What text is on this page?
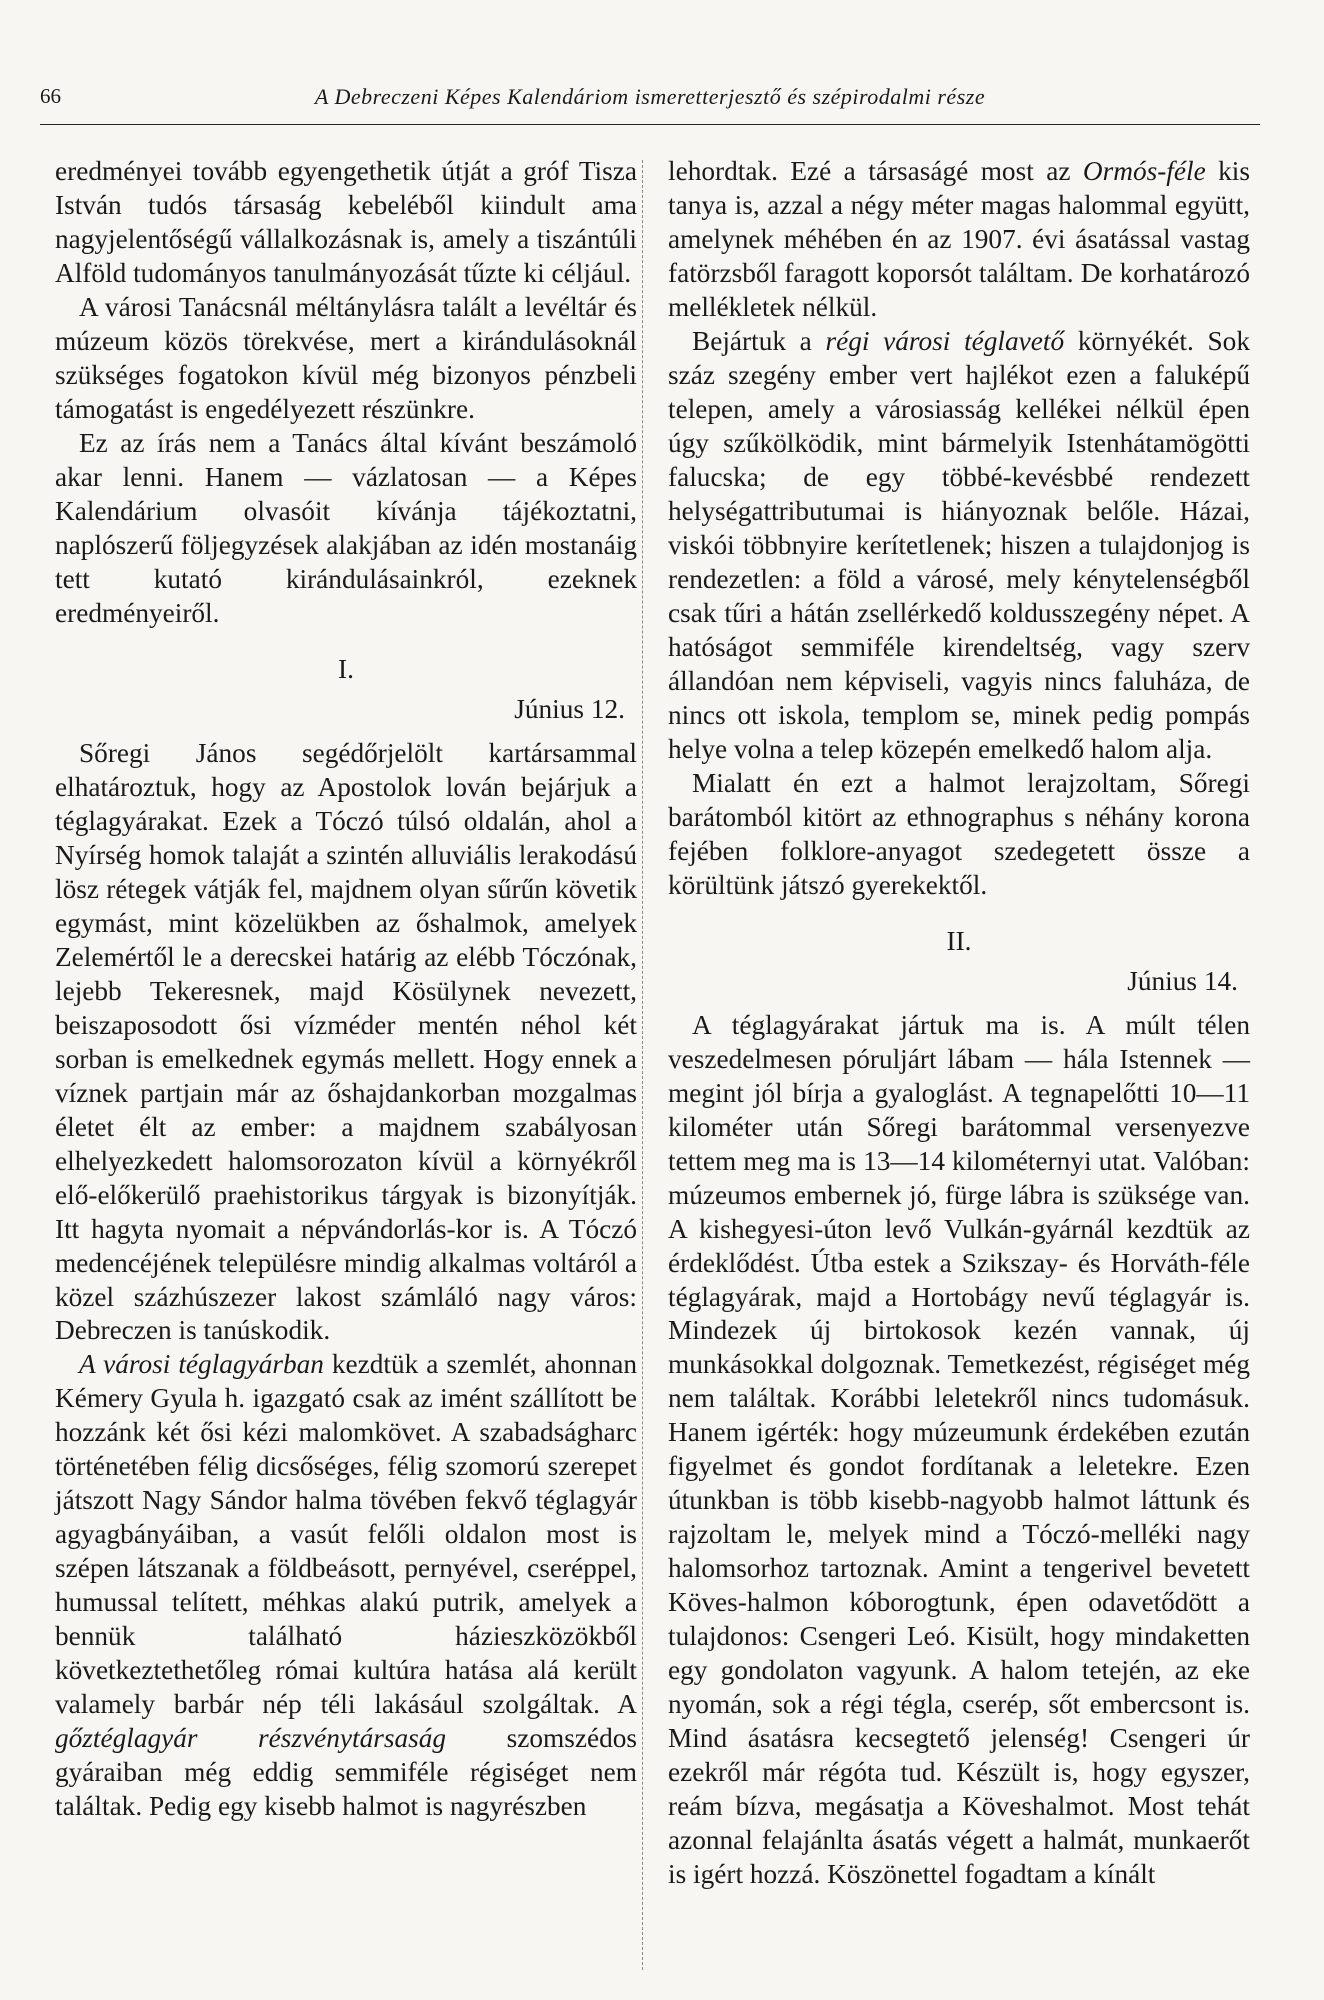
66	A Debreczeni Képes Kalendáriom ismeretterjesztő és szépirodalmi része

eredményei tovább egyengethetik útját a gróf Tisza István tudós társaság kebeléből kiindult ama nagyjelentőségű vállalkozásnak is, amely a tiszántúli Alföld tudományos tanulmányozását tűzte ki céljául.

A városi Tanácsnál méltánylásra talált a levéltár és múzeum közös törekvése, mert a kirándulásoknál szükséges fogatokon kívül még bizonyos pénzbeli támogatást is engedélyezett részünkre.

Ez az írás nem a Tanács által kívánt beszámoló akar lenni. Hanem — vázlatosan — a Képes Kalendárium olvasóit kívánja tájékoztatni, naplószerű följegyzések alakjában az idén mostanáig tett kutató kirándulásainkról, ezeknek eredményeiről.

I.
Június 12.

Sőregi János segédőrjelölt kartársammal elhatároztuk, hogy az Apostolok lován bejárjuk a téglagyárakat. Ezek a Tóczó túlsó oldalán, ahol a Nyírség homok talaját a szintén alluviális lerakodású lösz rétegek vátják fel, majdnem olyan sűrűn követik egymást, mint közelükben az őshalmok, amelyek Zelemértől le a derecskei határig az elébb Tóczónak, lejebb Tekeresnek, majd Kösülynek nevezett, beiszaposodott ősi vízméder mentén néhol két sorban is emelkednek egymás mellett. Hogy ennek a víznek partjain már az őshajdankorban mozgalmas életet élt az ember: a majdnem szabályosan elhelyezkedett halomsorozaton kívül a környékről elő-előkerülő praehistorikus tárgyak is bizonyítják. Itt hagyta nyomait a népvándorlás-kor is. A Tóczó medencéjének településre mindig alkalmas voltáról a közel százhúszezer lakost számláló nagy város: Debreczen is tanúskodik.

A városi téglagyárban kezdtük a szemlét, ahonnan Kémery Gyula h. igazgató csak az imént szállított be hozzánk két ősi kézi malomkövet. A szabadságharc történetében félig dicsőséges, félig szomorú szerepet játszott Nagy Sándor halma tövében fekvő téglagyár agyagbányáiban, a vasút felőli oldalon most is szépen látszanak a földbeásott, pernyével, cseréppel, humussal telített, méhkas alakú putrik, amelyek a bennük található házieszközökből következtethetőleg római kultúra hatása alá került valamely barbár nép téli lakásául szolgáltak. A gőztéglagyár részvénytársaság szomszédos gyáraiban még eddig semmiféle régiséget nem találtak. Pedig egy kisebb halmot is nagyrészben

lehordtak. Ezé a társaságé most az Ormós-féle kis tanya is, azzal a négy méter magas halommal együtt, amelynek méhében én az 1907. évi ásatással vastag fatörzsből faragott koporsót találtam. De korhatározó mellékletek nélkül.

Bejártuk a régi városi téglavető környékét. Sok száz szegény ember vert hajlékot ezen a faluképű telepen, amely a városiasság kellékei nélkül épen úgy szűkölködik, mint bármelyik Istenhátamögötti falucska; de egy többé-kevésbbé rendezett helységattributumai is hiányoznak belőle. Házai, viskói többnyire kerítetlenek; hiszen a tulajdonjog is rendezetlen: a föld a városé, mely kénytelenségből csak tűri a hátán zsellérkedő koldusszegény népet. A hatóságot semmiféle kirendeltség, vagy szerv állandóan nem képviseli, vagyis nincs faluháza, de nincs ott iskola, templom se, minek pedig pompás helye volna a telep közepén emelkedő halom alja.

Mialatt én ezt a halmot lerajzoltam, Sőregi barátomból kitört az ethnographus s néhány korona fejében folklore-anyagot szedegetett össze a körültünk játszó gyerekektől.

II.
Június 14.

A téglagyárakat jártuk ma is. A múlt télen veszedelmesen póruljárt lábam — hála Istennek — megint jól bírja a gyaloglást. A tegnapelőtti 10—11 kilométer után Sőregi barátommal versenyezve tettem meg ma is 13—14 kilométernyi utat. Valóban: múzeumos embernek jó, fürge lábra is szüksége van. A kishegyesi-úton levő Vulkán-gyárnál kezdtük az érdeklődést. Útba estek a Szikszay- és Horváth-féle téglagyárak, majd a Hortobágy nevű téglagyár is. Mindezek új birtokosok kezén vannak, új munkásokkal dolgoznak. Temetkezést, régiséget még nem találtak. Korábbi leletekről nincs tudomásuk. Hanem igérték: hogy múzeumunk érdekében ezután figyelmet és gondot fordítanak a leletekre. Ezen útunkban is több kisebb-nagyobb halmot láttunk és rajzoltam le, melyek mind a Tóczó-melléki nagy halomsorhoz tartoznak. Amint a tengerivel bevetett Köves-halmon kóborogtunk, épen odavetődött a tulajdonos: Csengeri Leó. Kisült, hogy mindaketten egy gondolaton vagyunk. A halom tetején, az eke nyomán, sok a régi tégla, cserép, sőt embercsont is. Mind ásatásra kecsegtető jelenség! Csengeri úr ezekről már régóta tud. Készült is, hogy egyszer, reám bízva, megásatja a Köveshalmot. Most tehát azonnal felajánlta ásatás végett a halmát, munkaerőt is igért hozzá. Köszönettel fogadtam a kínált
